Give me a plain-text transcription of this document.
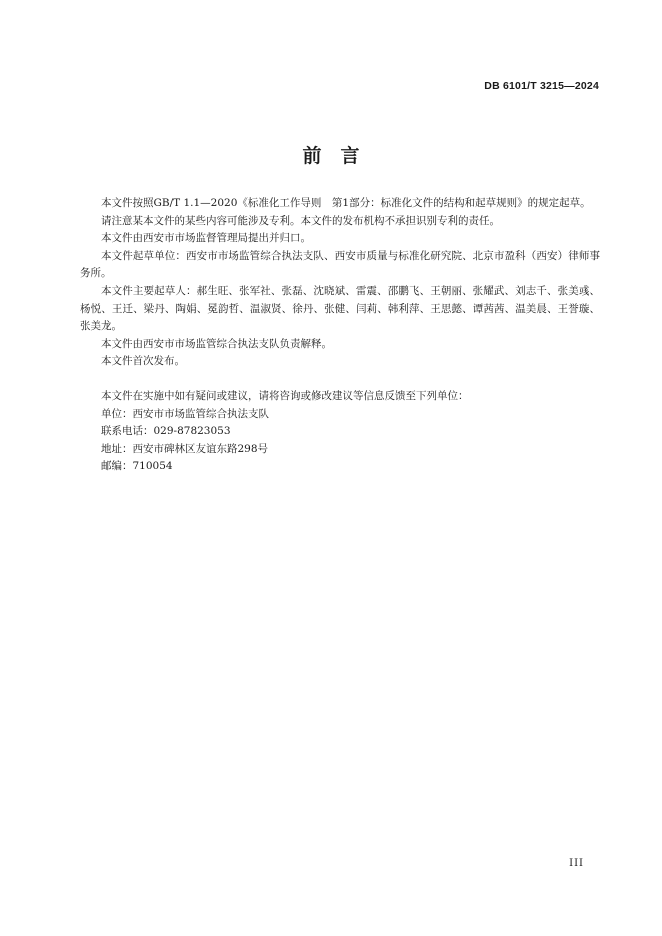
DB 6101/T 3215—2024
前　言

本文件按照GB/T 1.1—2020《标准化工作导则　第1部分：标准化文件的结构和起草规则》的规定起草。

请注意某本文件的某些内容可能涉及专利。本文件的发布机构不承担识别专利的责任。

本文件由西安市市场监督管理局提出并归口。

本文件起草单位：西安市市场监管综合执法支队、西安市质量与标准化研究院、北京市盈科（西安）律师事务所。

本文件主要起草人：郝生旺、张军社、张磊、沈晓斌、雷震、邵鹏飞、王朝丽、张耀武、刘志千、张美彧、杨悦、王迁、梁丹、陶娟、冕韵哲、温淑贤、徐丹、张健、闫莉、韩利萍、王思懿、谭茜茜、温美晨、王誉璇、张美龙。

本文件由西安市市场监管综合执法支队负责解释。

本文件首次发布。

本文件在实施中如有疑问或建议，请将咨询或修改建议等信息反馈至下列单位：

单位：西安市市场监管综合执法支队

联系电话：029-87823053

地址：西安市碑林区友谊东路298号

邮编：710054

III
